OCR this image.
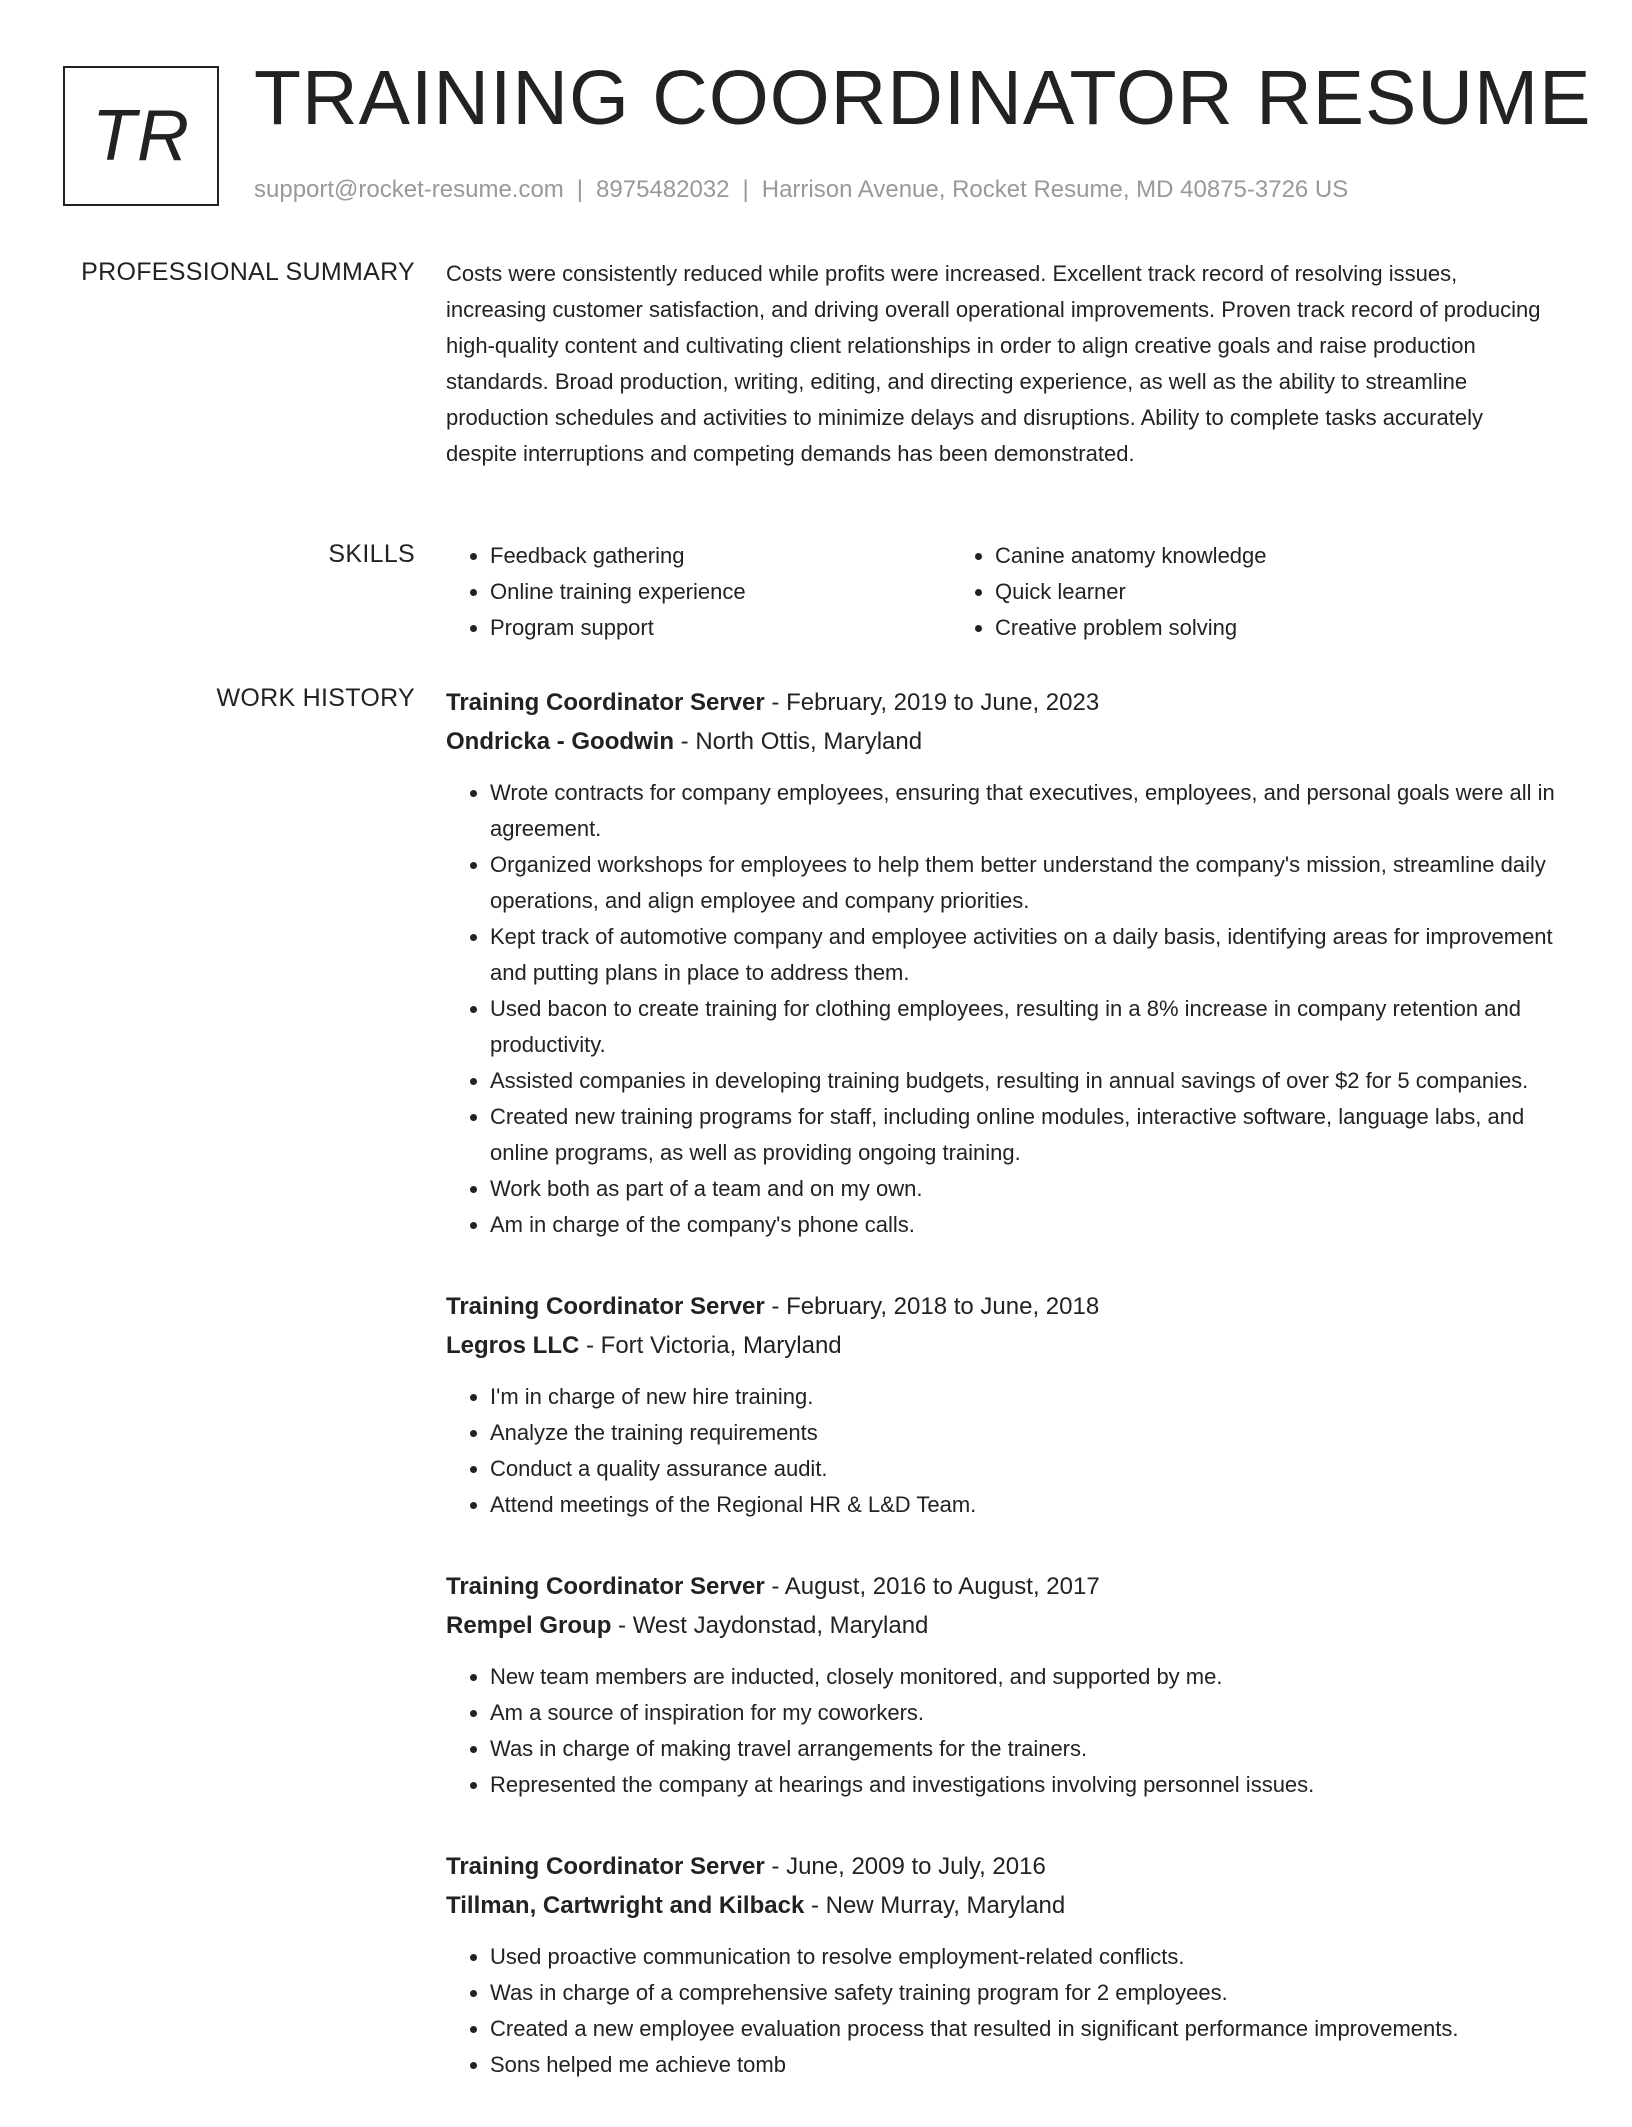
TR TRAINING COORDINATOR RESUME
support@rocket-resume.com | 8975482032 | Harrison Avenue, Rocket Resume, MD 40875-3726 US
PROFESSIONAL SUMMARY Costs were consistently reduced while profits were increased. Excellent track record of resolving issues, increasing customer satisfaction, and driving overall operational improvements. Proven track record of producing high-quality content and cultivating client relationships in order to align creative goals and raise production standards. Broad production, writing, editing, and directing experience, as well as the ability to streamline production schedules and activities to minimize delays and disruptions. Ability to complete tasks accurately despite interruptions and competing demands has been demonstrated.

SKILLS
•	Feedback gathering
• Online training experience
• Program support
• Canine anatomy knowledge
• Quick learner
• Creative problem solving
WORK HISTORY Training Coordinator Server - February, 2019 to June, 2023
Ondricka - Goodwin - North Ottis, Maryland
• Wrote contracts for company employees, ensuring that executives, employees, and personal goals were all in agreement.
• Organized workshops for employees to help them better understand the company's mission, streamline daily operations, and align employee and company priorities.
• Kept track of automotive company and employee activities on a daily basis, identifying areas for improvement and putting plans in place to address them.
• Used bacon to create training for clothing employees, resulting in a 8% increase in company retention and productivity.
• Assisted companies in developing training budgets, resulting in annual savings of over $2 for 5 companies.
• Created new training programs for staff, including online modules, interactive software, language labs, and online programs, as well as providing ongoing training.
• Work both as part of a team and on my own.
• Am in charge of the company's phone calls.
Training Coordinator Server - February, 2018 to June, 2018
Legros LLC - Fort Victoria, Maryland
• I'm in charge of new hire training.
• Analyze the training requirements
• Conduct a quality assurance audit.
• Attend meetings of the Regional HR & L&D Team.
Training Coordinator Server - August, 2016 to August, 2017
Rempel Group - West Jaydonstad, Maryland
• New team members are inducted, closely monitored, and supported by me.
• Am a source of inspiration for my coworkers.
• Was in charge of making travel arrangements for the trainers.
• Represented the company at hearings and investigations involving personnel issues.
Training Coordinator Server - June, 2009 to July, 2016
Tillman, Cartwright and Kilback - New Murray, Maryland
• Used proactive communication to resolve employment-related conflicts.
• Was in charge of a comprehensive safety training program for 2 employees.
• Created a new employee evaluation process that resulted in significant performance improvements.
• Sons helped me achieve tomb
